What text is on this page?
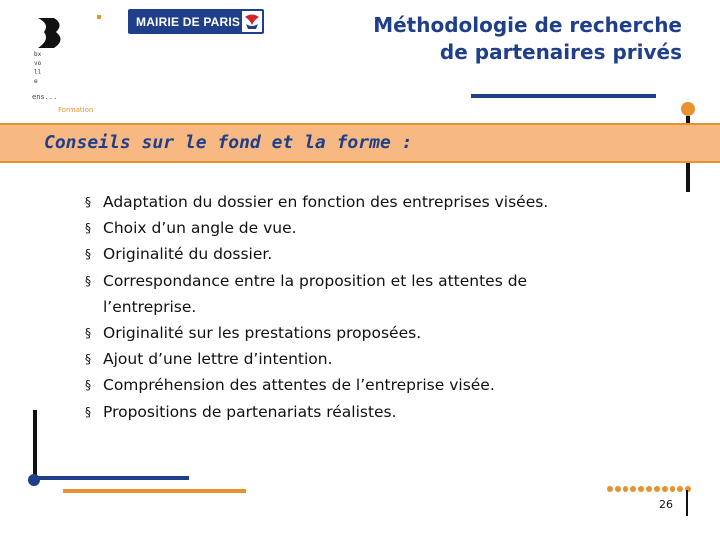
bxvolle
ens...
Formation
MAIRIE DE PARIS	Méthodologie de recherche
de partenaires privés
Conseils sur le fond et la forme :
§ Adaptation du dossier en fonction des entreprises visées.
§ Choix d’un angle de vue.
§ Originalité du dossier.
§ Correspondance entre la proposition et les attentes de
l’entreprise.
§ Originalité sur les prestations proposées.
§ Ajout d’une lettre d’intention.
§ Compréhension des attentes de l’entreprise visée.
§ Propositions de partenariats réalistes.
26
